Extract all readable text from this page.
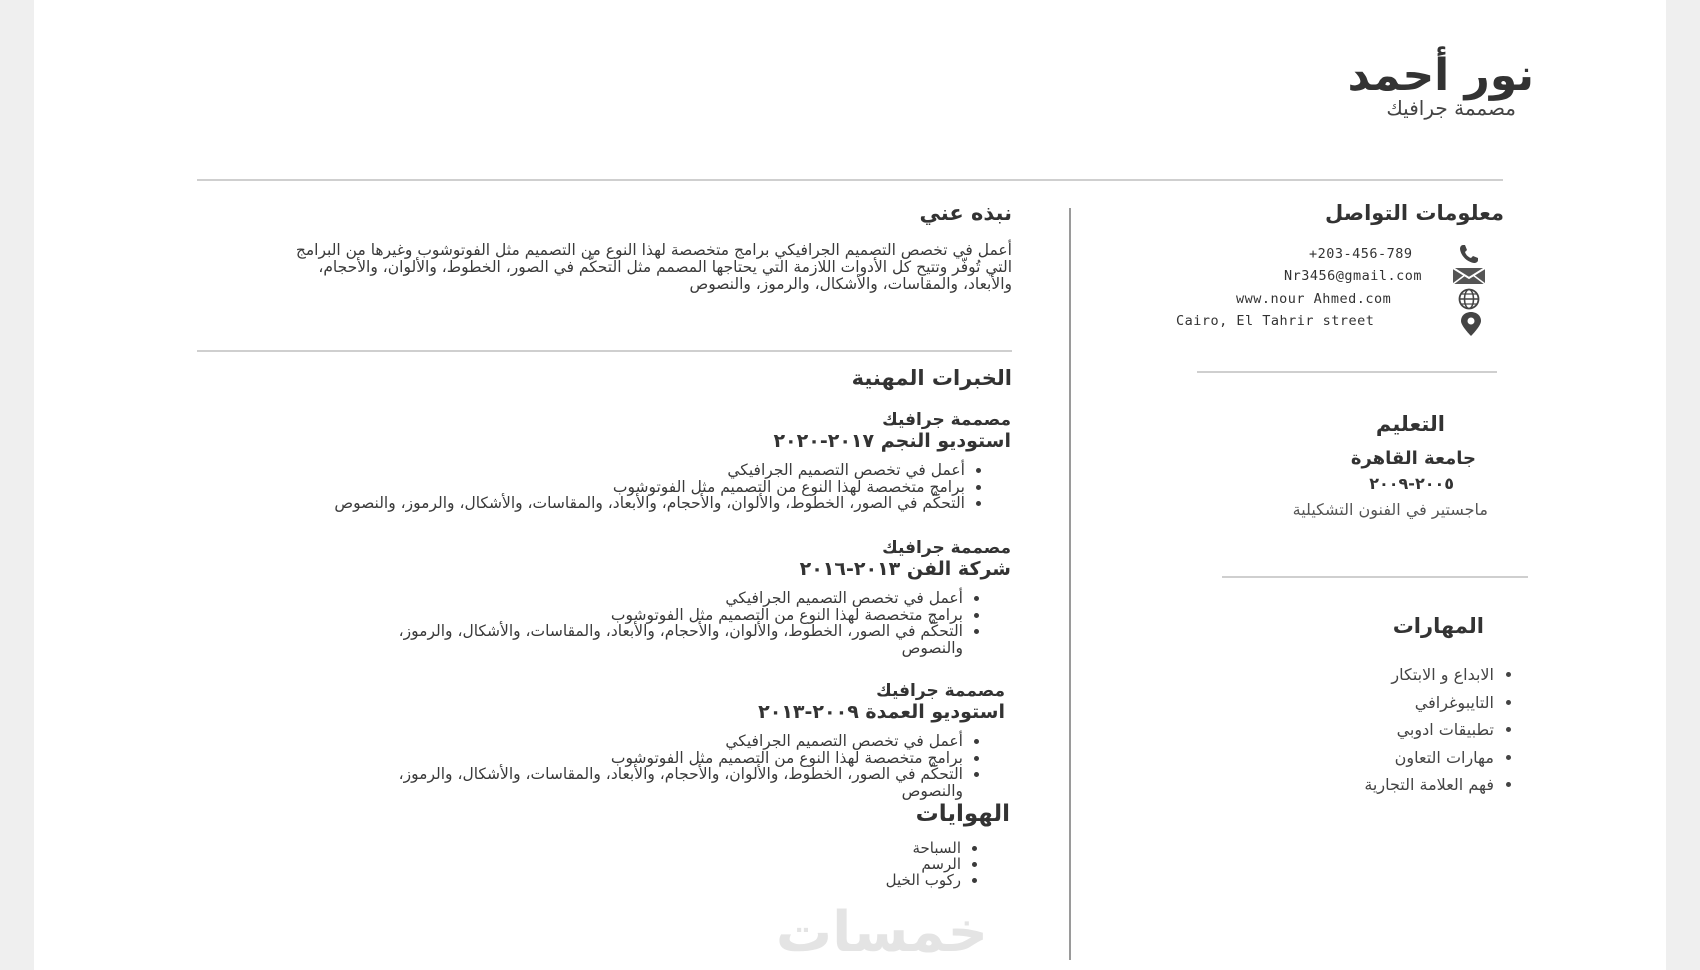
نور أحمد
مصممة جرافيك
معلومات التواصل
+203-456-789
Nr3456@gmail.com
www.nour Ahmed.com
Cairo, El Tahrir street
التعليم
جامعة القاهرة
٢٠٠٥-٢٠٠٩
ماجستير في الفنون التشكيلية
المهارات
• الابداع و الابتكار
• التايبوغرافي
• تطبيقات ادوبي
• مهارات التعاون
• فهم العلامة التجارية
نبذه عني
أعمل في تخصص التصميم الجرافيكي برامج متخصصة لهذا النوع من التصميم مثل الفوتوشوب وغيرها من البرامج التي تُوفّر وتتيح كل الأدوات اللازمة التي يحتاجها المصمم مثل التحكّم في الصور، الخطوط، والألوان، والأحجام، والأبعاد، والمقاسات، والأشكال، والرموز، والنصوص
الخبرات المهنية
مصممة جرافيك
استوديو النجم ٢٠١٧-٢٠٢٠
• أعمل في تخصص التصميم الجرافيكي
• برامج متخصصة لهذا النوع من التصميم مثل الفوتوشوب
• التحكّم في الصور، الخطوط، والألوان، والأحجام، والأبعاد، والمقاسات، والأشكال، والرموز، والنصوص
مصممة جرافيك
شركة الفن ٢٠١٣-٢٠١٦
• أعمل في تخصص التصميم الجرافيكي
• برامج متخصصة لهذا النوع من التصميم مثل الفوتوشوب
• التحكّم في الصور، الخطوط، والألوان، والأحجام، والأبعاد، والمقاسات، والأشكال، والرموز، والنصوص
مصممة جرافيك
استوديو العمدة ٢٠٠٩-٢٠١٣
• أعمل في تخصص التصميم الجرافيكي
• برامج متخصصة لهذا النوع من التصميم مثل الفوتوشوب
• التحكّم في الصور، الخطوط، والألوان، والأحجام، والأبعاد، والمقاسات، والأشكال، والرموز، والنصوص
الهوايات
• السباحة
• الرسم
• ركوب الخيل
خمسات
